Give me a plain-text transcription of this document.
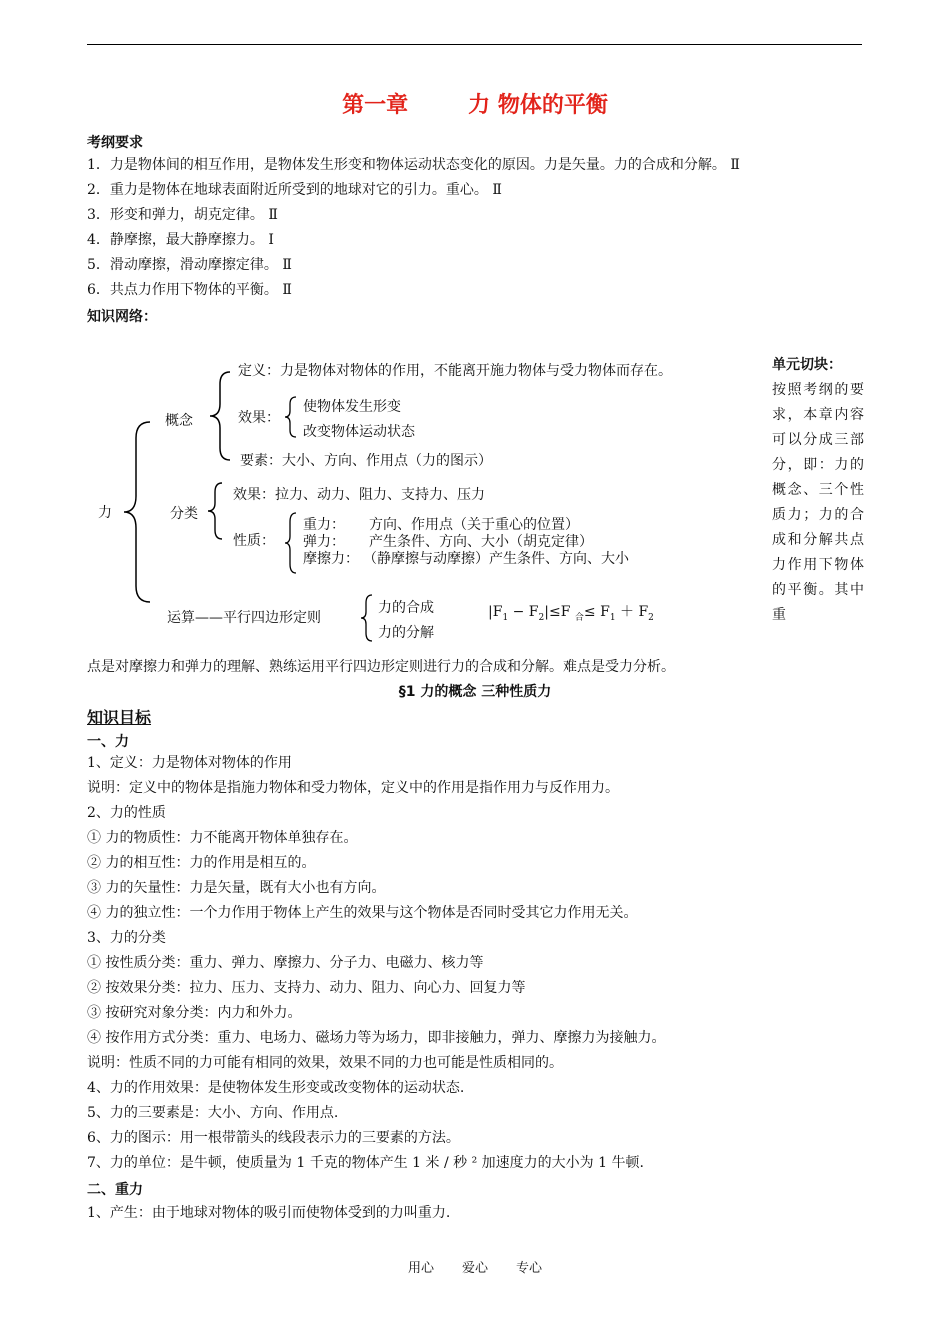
第一章	力 物体的平衡
考纲要求
1．力是物体间的相互作用，是物体发生形变和物体运动状态变化的原因。力是矢量。力的合成和分解。 Ⅱ
2．重力是物体在地球表面附近所受到的地球对它的引力。重心。 Ⅱ
3．形变和弹力，胡克定律。 Ⅱ
4．静摩擦，最大静摩擦力。 Ⅰ
5．滑动摩擦，滑动摩擦定律。 Ⅱ
6．共点力作用下物体的平衡。 Ⅱ
知识网络：
力
概念
定义：力是物体对物体的作用，不能离开施力物体与受力物体而存在。
效果：
使物体发生形变
改变物体运动状态
要素：大小、方向、作用点（力的图示）
分类
效果：拉力、动力、阻力、支持力、压力
性质：
重力： 方向、作用点（关于重心的位置）
弹力： 产生条件、方向、大小（胡克定律）
摩擦力： （静摩擦与动摩擦）产生条件、方向、大小
运算——平行四边形定则
力的合成
力的分解
$|F_1 - F_2|\le F$ $_合\le F_1 + F_2$
单元切块：
按照考纲的要求，本章内容可以分成三部分，即：力的概念、三个性质力；力的合成和分解共点力作用下物体的平衡。其中重
点是对摩擦力和弹力的理解、熟练运用平行四边形定则进行力的合成和分解。难点是受力分析。
§1 力的概念 三种性质力
知识目标
一、力
1、定义：力是物体对物体的作用
说明：定义中的物体是指施力物体和受力物体，定义中的作用是指作用力与反作用力。
2、力的性质
① 力的物质性：力不能离开物体单独存在。
② 力的相互性：力的作用是相互的。
③ 力的矢量性：力是矢量，既有大小也有方向。
④ 力的独立性：一个力作用于物体上产生的效果与这个物体是否同时受其它力作用无关。
3、力的分类
① 按性质分类：重力、弹力、摩擦力、分子力、电磁力、核力等
② 按效果分类：拉力、压力、支持力、动力、阻力、向心力、回复力等
③ 按研究对象分类：内力和外力。
④ 按作用方式分类：重力、电场力、磁场力等为场力，即非接触力，弹力、摩擦力为接触力。
说明：性质不同的力可能有相同的效果，效果不同的力也可能是性质相同的。
4、力的作用效果：是使物体发生形变或改变物体的运动状态.
5、力的三要素是：大小、方向、作用点.
6、力的图示：用一根带箭头的线段表示力的三要素的方法。
7、力的单位：是牛顿，使质量为 1 千克的物体产生 1 米 / 秒 ² 加速度力的大小为 1 牛顿.
二、重力
1、产生：由于地球对物体的吸引而使物体受到的力叫重力.
用心 爱心 专心
